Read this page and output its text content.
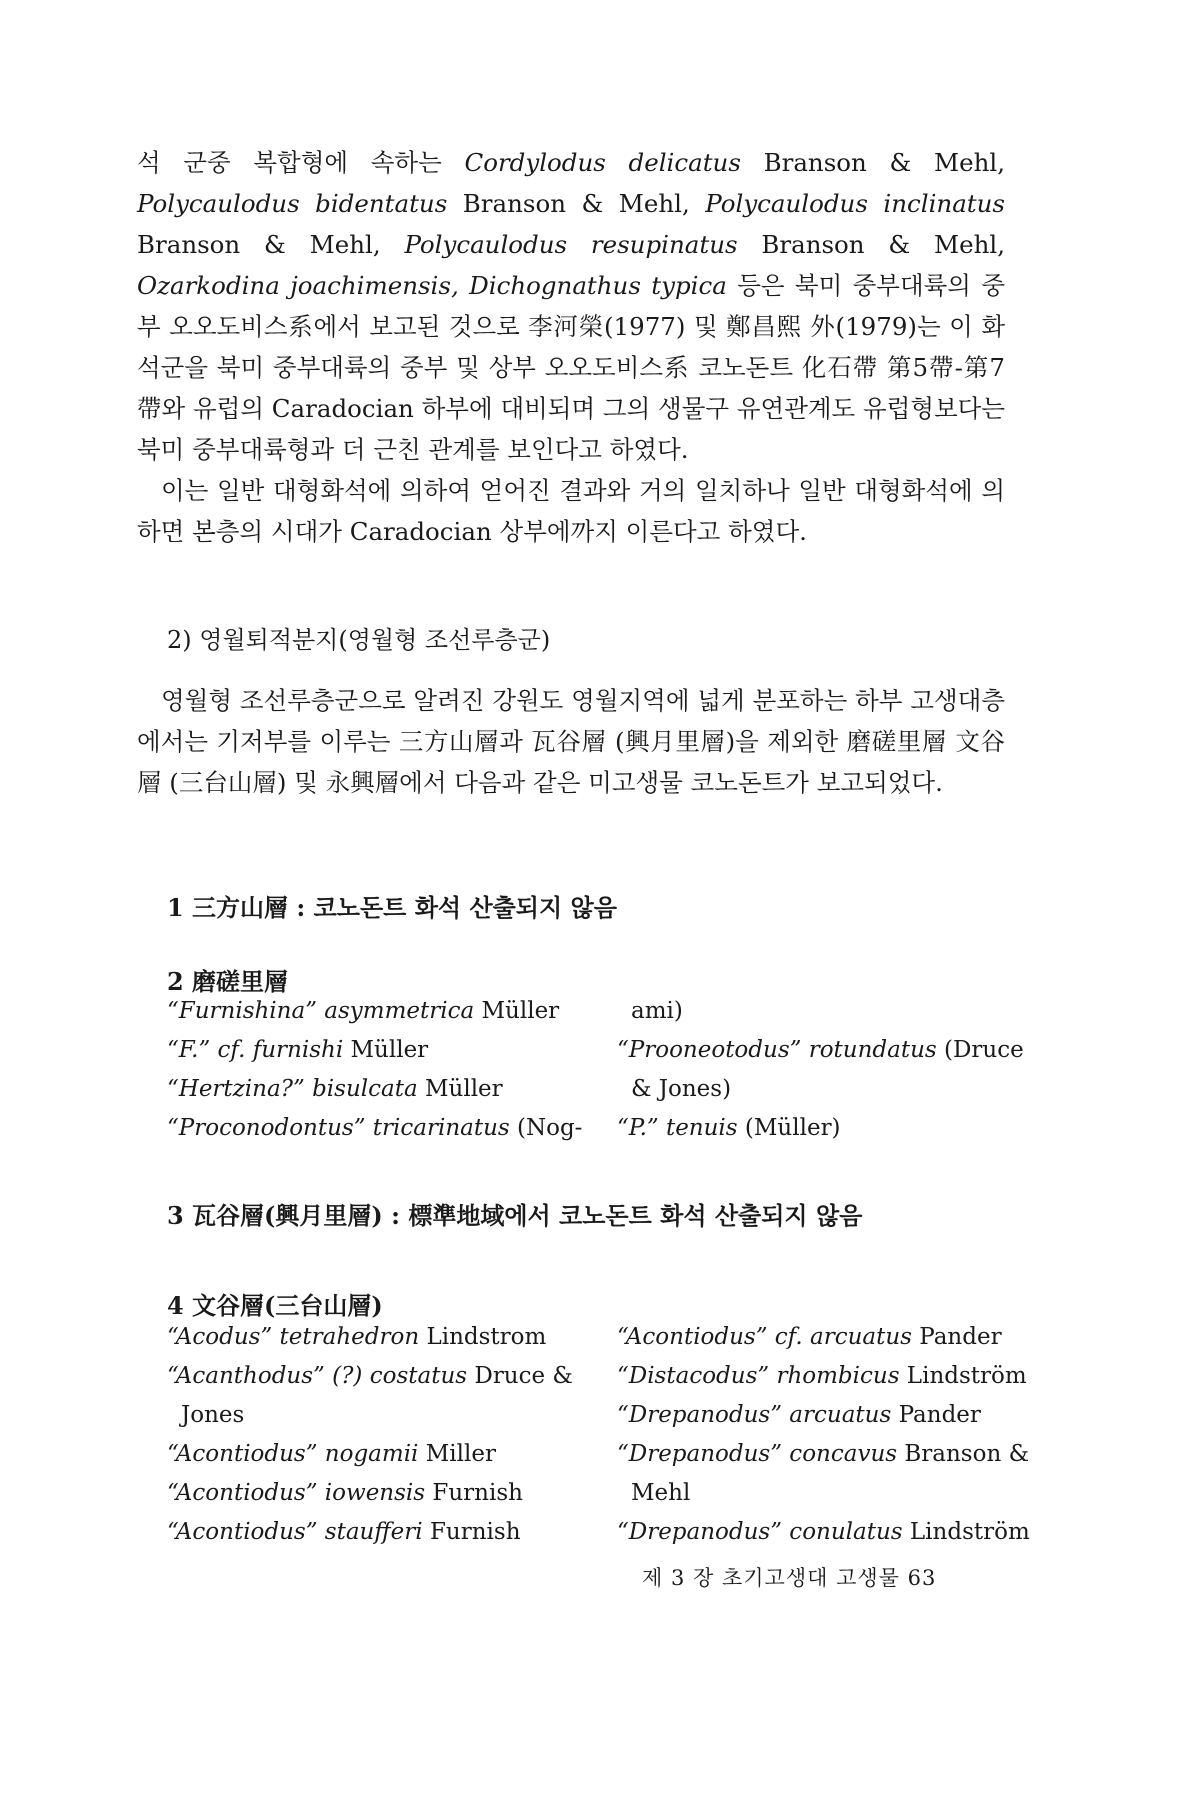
석 군중 복합형에 속하는 Cordylodus delicatus Branson & Mehl, Polycaulodus bidentatus Branson & Mehl, Polycaulodus inclinatus Branson & Mehl, Polycaulodus resupinatus Branson & Mehl, Ozarkodina joachimensis, Dichognathus typica 등은 북미 중부대륙의 중부 오오도비스系에서 보고된 것으로 李河榮(1977) 및 鄭昌熙 外(1979)는 이 화석군을 북미 중부대륙의 중부 및 상부 오오도비스系 코노돈트 化石帶 第5帶-第7帶와 유럽의 Caradocian 하부에 대비되며 그의 생물구 유연관계도 유럽형보다는 북미 중부대륙형과 더 근친 관계를 보인다고 하였다.

이는 일반 대형화석에 의하여 얻어진 결과와 거의 일치하나 일반 대형화석에 의하면 본층의 시대가 Caradocian 상부에까지 이른다고 하였다.

2) 영월퇴적분지(영월형 조선루층군)

영월형 조선루층군으로 알려진 강원도 영월지역에 넓게 분포하는 하부 고생대층에서는 기저부를 이루는 三方山層과 瓦谷層 (興月里層)을 제외한 磨磋里層 文谷層 (三台山層) 및 永興層에서 다음과 같은 미고생물 코노돈트가 보고되었다.

1 三方山層 : 코노돈트 화석 산출되지 않음
2 磨磋里層
“Furnishina” asymmetrica Müller
“F.” cf. furnishi Müller
“Hertzina?” bisulcata Müller
“Proconodontus” tricarinatus (Nog-
ami)
“Prooneotodus” rotundatus (Druce
& Jones)
“P.” tenuis (Müller)
3 瓦谷層(興月里層) : 標準地域에서 코노돈트 화석 산출되지 않음
4 文谷層(三台山層)
“Acodus” tetrahedron Lindstrom
“Acanthodus” (?) costatus Druce &
Jones
“Acontiodus” nogamii Miller
“Acontiodus” iowensis Furnish
“Acontiodus” staufferi Furnish
“Acontiodus” cf. arcuatus Pander
“Distacodus” rhombicus Lindström
“Drepanodus” arcuatus Pander
“Drepanodus” concavus Branson &
Mehl
“Drepanodus” conulatus Lindström
제 3 장 초기고생대 고생물 63
